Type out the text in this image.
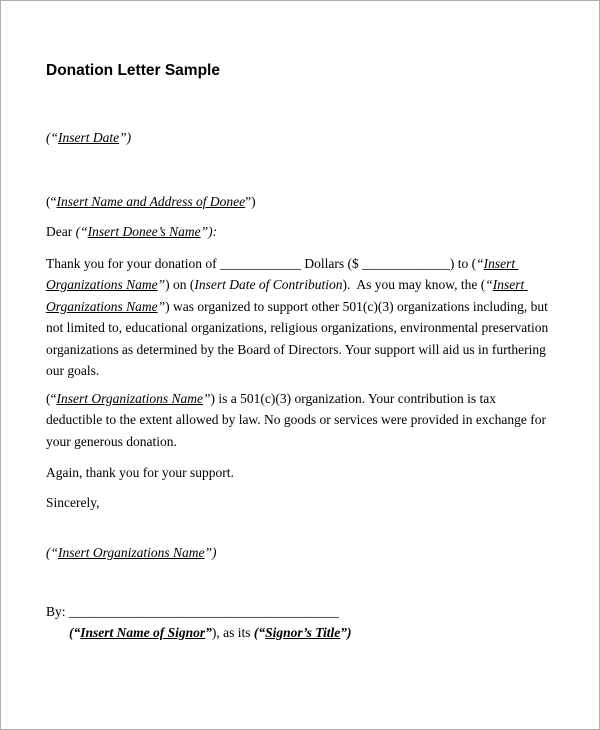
Donation Letter Sample

(“Insert Date”)

(“Insert Name and Address of Donee”)

Dear (“Insert Donee’s Name”):

Thank you for your donation of ____________ Dollars ($ _____________) to (“Insert Organizations Name”) on (Insert Date of Contribution).  As you may know, the (“Insert Organizations Name”) was organized to support other 501(c)(3) organizations including, but not limited to, educational organizations, religious organizations, environmental preservation organizations as determined by the Board of Directors. Your support will aid us in furthering our goals.

(“Insert Organizations Name”) is a 501(c)(3) organization. Your contribution is tax deductible to the extent allowed by law. No goods or services were provided in exchange for your generous donation.

Again, thank you for your support.

Sincerely,

(“Insert Organizations Name”)

By: ________________________________________

(“Insert Name of Signor”), as its (“Signor’s Title”)
